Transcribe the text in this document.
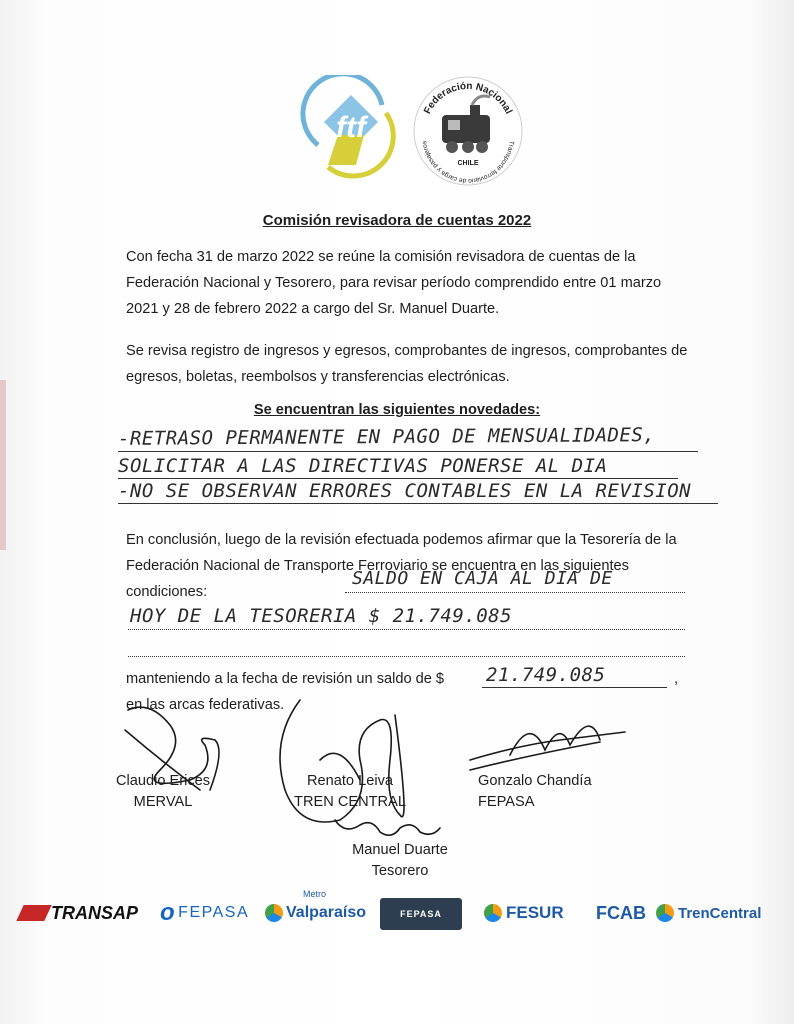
ftf
Federación Nacional
Transporte ferroviario de carga y pasajeros
CHILE
Comisión revisadora de cuentas 2022
Con fecha 31 de marzo 2022 se reúne la comisión revisadora de cuentas de la Federación Nacional y Tesorero, para revisar período comprendido entre 01 marzo 2021 y 28 de febrero 2022 a cargo del Sr. Manuel Duarte.
Se revisa registro de ingresos y egresos, comprobantes de ingresos, comprobantes de egresos, boletas, reembolsos y transferencias electrónicas.
Se encuentran las siguientes novedades:
-RETRASO PERMANENTE EN PAGO DE MENSUALIDADES,
SOLICITAR A LAS DIRECTIVAS PONERSE AL DIA
-NO SE OBSERVAN ERRORES CONTABLES EN LA REVISION
En conclusión, luego de la revisión efectuada podemos afirmar que la Tesorería de la Federación Nacional de Transporte Ferroviario se encuentra en las siguientes condiciones:
SALDO EN CAJA AL DIA DE
HOY DE LA TESORERIA $ 21.749.085
manteniendo a la fecha de revisión un saldo de $ 21.749.085	,
en las arcas federativas.
Claudio Erices
MERVAL
Renato Leiva
TREN CENTRAL
Gonzalo Chandía
FEPASA
Manuel Duarte
Tesorero
TRANSAP o FEPASA
Metro
Valparaíso	FEPASA	FESUR FCAB TrenCentral
